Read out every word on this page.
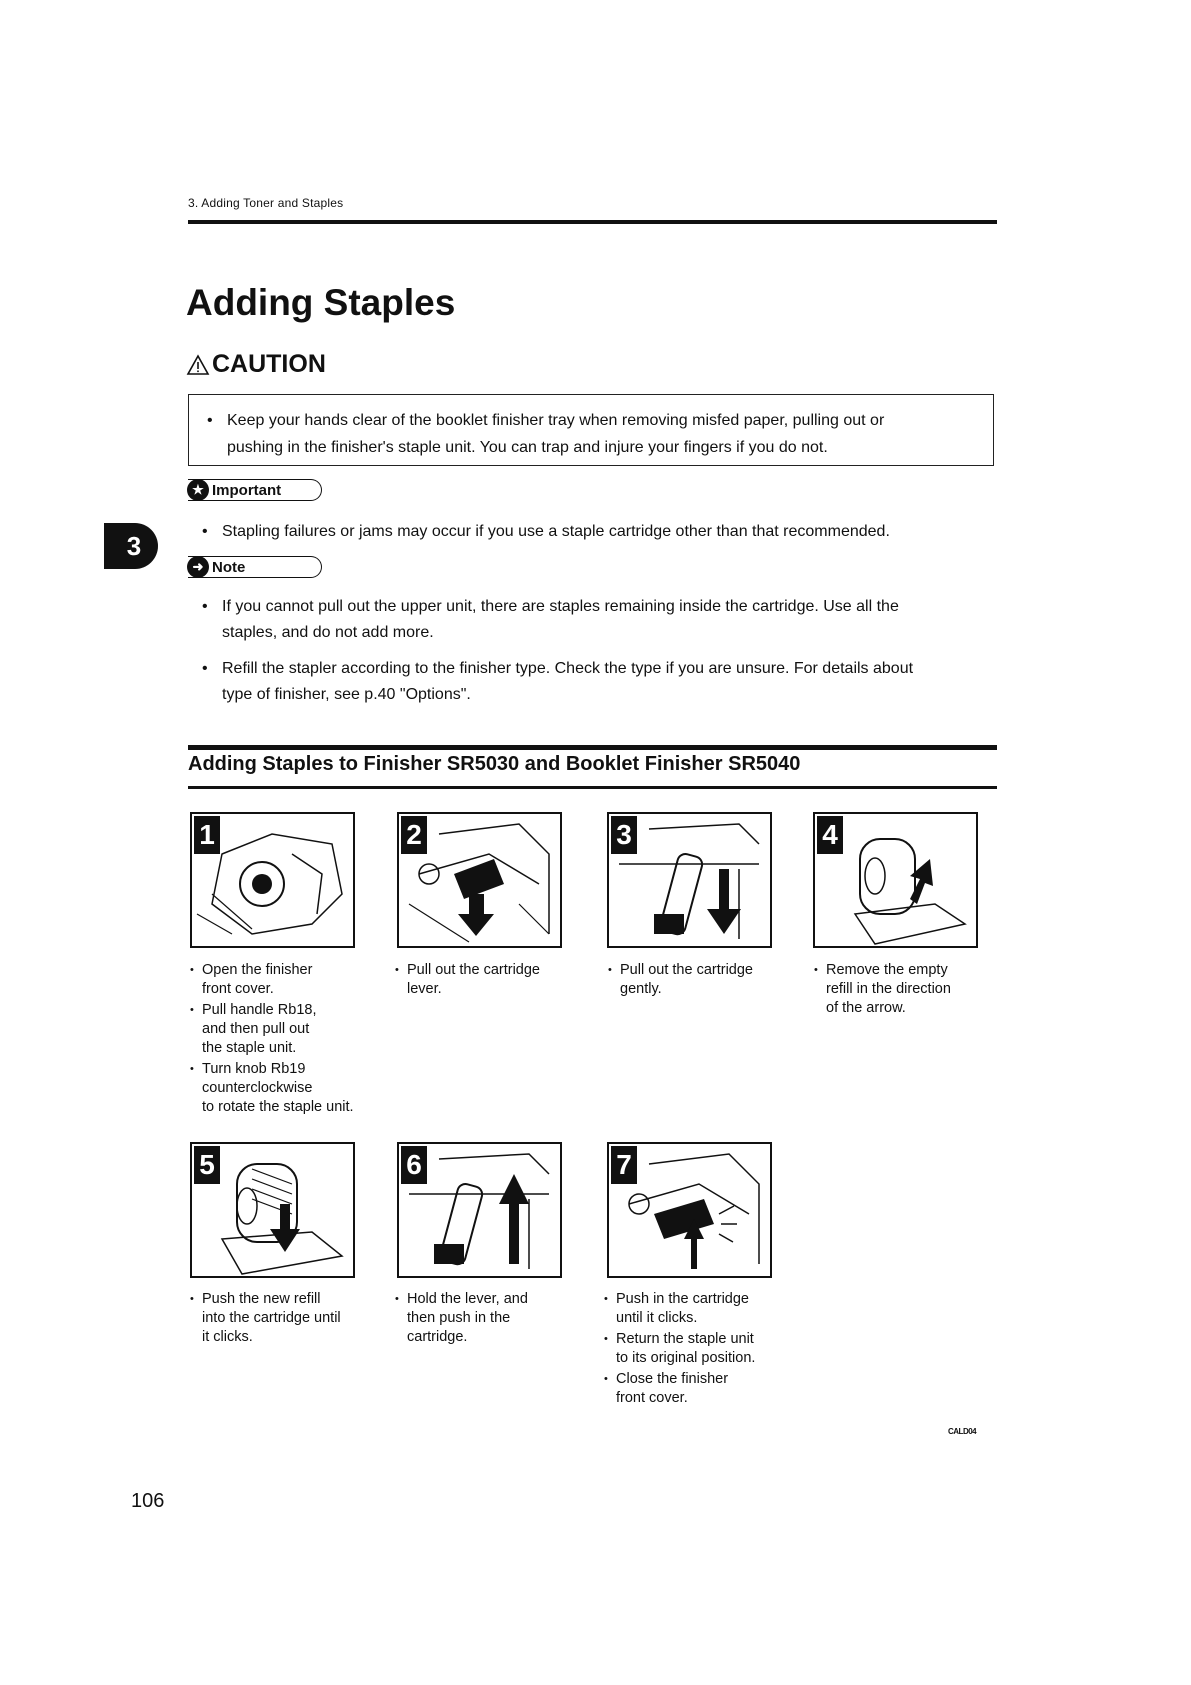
3. Adding Toner and Staples
Adding Staples
CAUTION
• Keep your hands clear of the booklet finisher tray when removing misfed paper, pulling out or
pushing in the finisher's staple unit. You can trap and injure your fingers if you do not.
★ Important
• Stapling failures or jams may occur if you use a staple cartridge other than that recommended.
3
➜ Note
• If you cannot pull out the upper unit, there are staples remaining inside the cartridge. Use all the
staples, and do not add more.
• Refill the stapler according to the finisher type. Check the type if you are unsure. For details about
type of finisher, see p.40 "Options".
Adding Staples to Finisher SR5030 and Booklet Finisher SR5040
1	2	3	4
• Open the finisher
front cover.
• Pull handle Rb18,
and then pull out
the staple unit.
• Turn knob Rb19
counterclockwise
to rotate the staple unit.
• Pull out the cartridge
lever.
• Pull out the cartridge
gently.
• Remove the empty
refill in the direction
of the arrow.
5	6	7
• Push the new refill
into the cartridge until
it clicks.
• Hold the lever, and
then push in the
cartridge.
• Push in the cartridge
until it clicks.
• Return the staple unit
to its original position.
• Close the finisher
front cover.
CALD04
106
